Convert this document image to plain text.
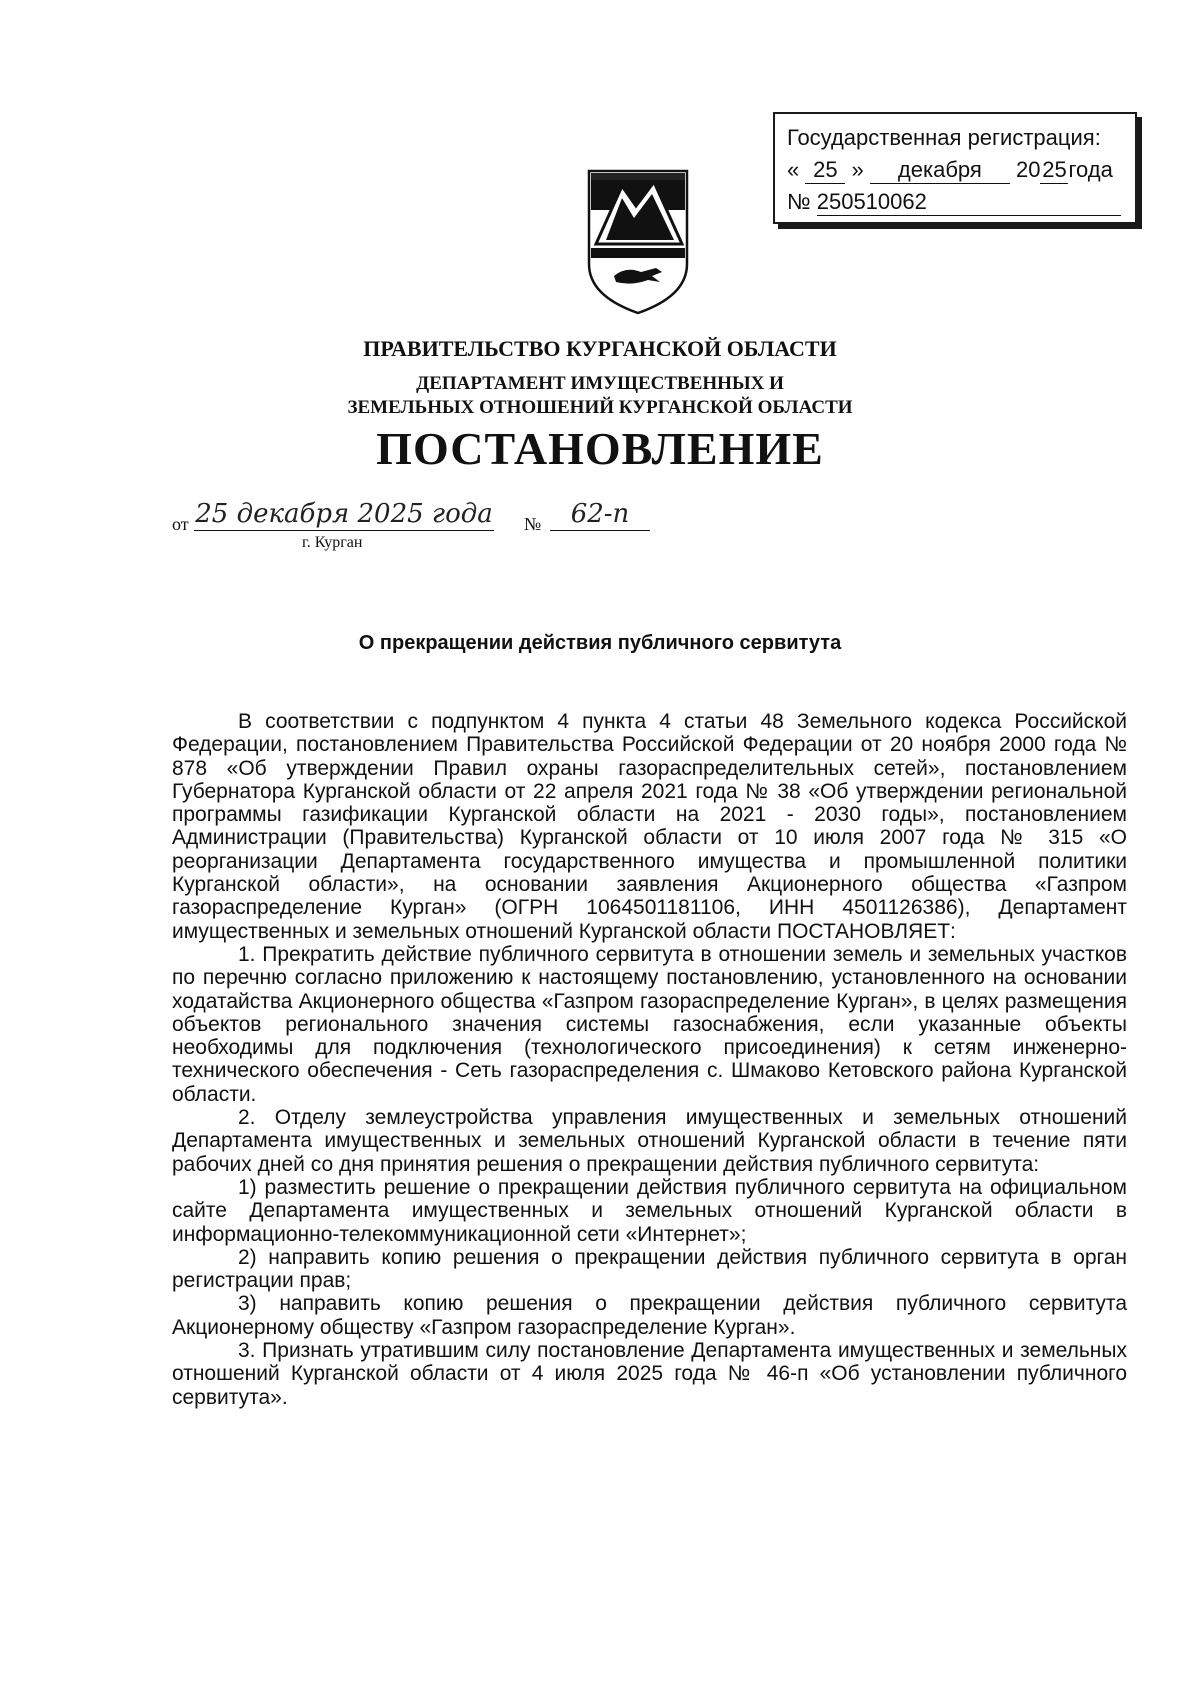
Государственная регистрация:
« 25 » декабря 2025года
№ 250510062
ПРАВИТЕЛЬСТВО КУРГАНСКОЙ ОБЛАСТИ
ДЕПАРТАМЕНТ ИМУЩЕСТВЕННЫХ И
ЗЕМЕЛЬНЫХ ОТНОШЕНИЙ КУРГАНСКОЙ ОБЛАСТИ
ПОСТАНОВЛЕНИЕ
от 25 декабря 2025 года №	62-п
г. Курган
О прекращении действия публичного сервитута

В соответствии с подпунктом 4 пункта 4 статьи 48 Земельного кодекса Российской Федерации, постановлением Правительства Российской Федерации от 20 ноября 2000 года № 878 «Об утверждении Правил охраны газораспределительных сетей», постановлением Губернатора Курганской области от 22 апреля 2021 года № 38 «Об утверждении региональной программы газификации Курганской области на 2021 - 2030 годы», постановлением Администрации (Правительства) Курганской области от 10 июля 2007 года № 315 «О реорганизации Департамента государственного имущества и промышленной политики Курганской области», на основании заявления Акционерного общества «Газпром газораспределение Курган» (ОГРН 1064501181106, ИНН 4501126386), Департамент имущественных и земельных отношений Курганской области ПОСТАНОВЛЯЕТ:

1. Прекратить действие публичного сервитута в отношении земель и земельных участков по перечню согласно приложению к настоящему постановлению, установленного на основании ходатайства Акционерного общества «Газпром газораспределение Курган», в целях размещения объектов регионального значения системы газоснабжения, если указанные объекты необходимы для подключения (технологического присоединения) к сетям инженерно-технического обеспечения - Сеть газораспределения с. Шмаково Кетовского района Курганской области.

2. Отделу землеустройства управления имущественных и земельных отношений Департамента имущественных и земельных отношений Курганской области в течение пяти рабочих дней со дня принятия решения о прекращении действия публичного сервитута:

1) разместить решение о прекращении действия публичного сервитута на официальном сайте Департамента имущественных и земельных отношений Курганской области в информационно-телекоммуникационной сети «Интернет»;

2) направить копию решения о прекращении действия публичного сервитута в орган регистрации прав;

3) направить копию решения о прекращении действия публичного сервитута Акционерному обществу «Газпром газораспределение Курган».

3. Признать утратившим силу постановление Департамента имущественных и земельных отношений Курганской области от 4 июля 2025 года № 46-п «Об установлении публичного сервитута».
